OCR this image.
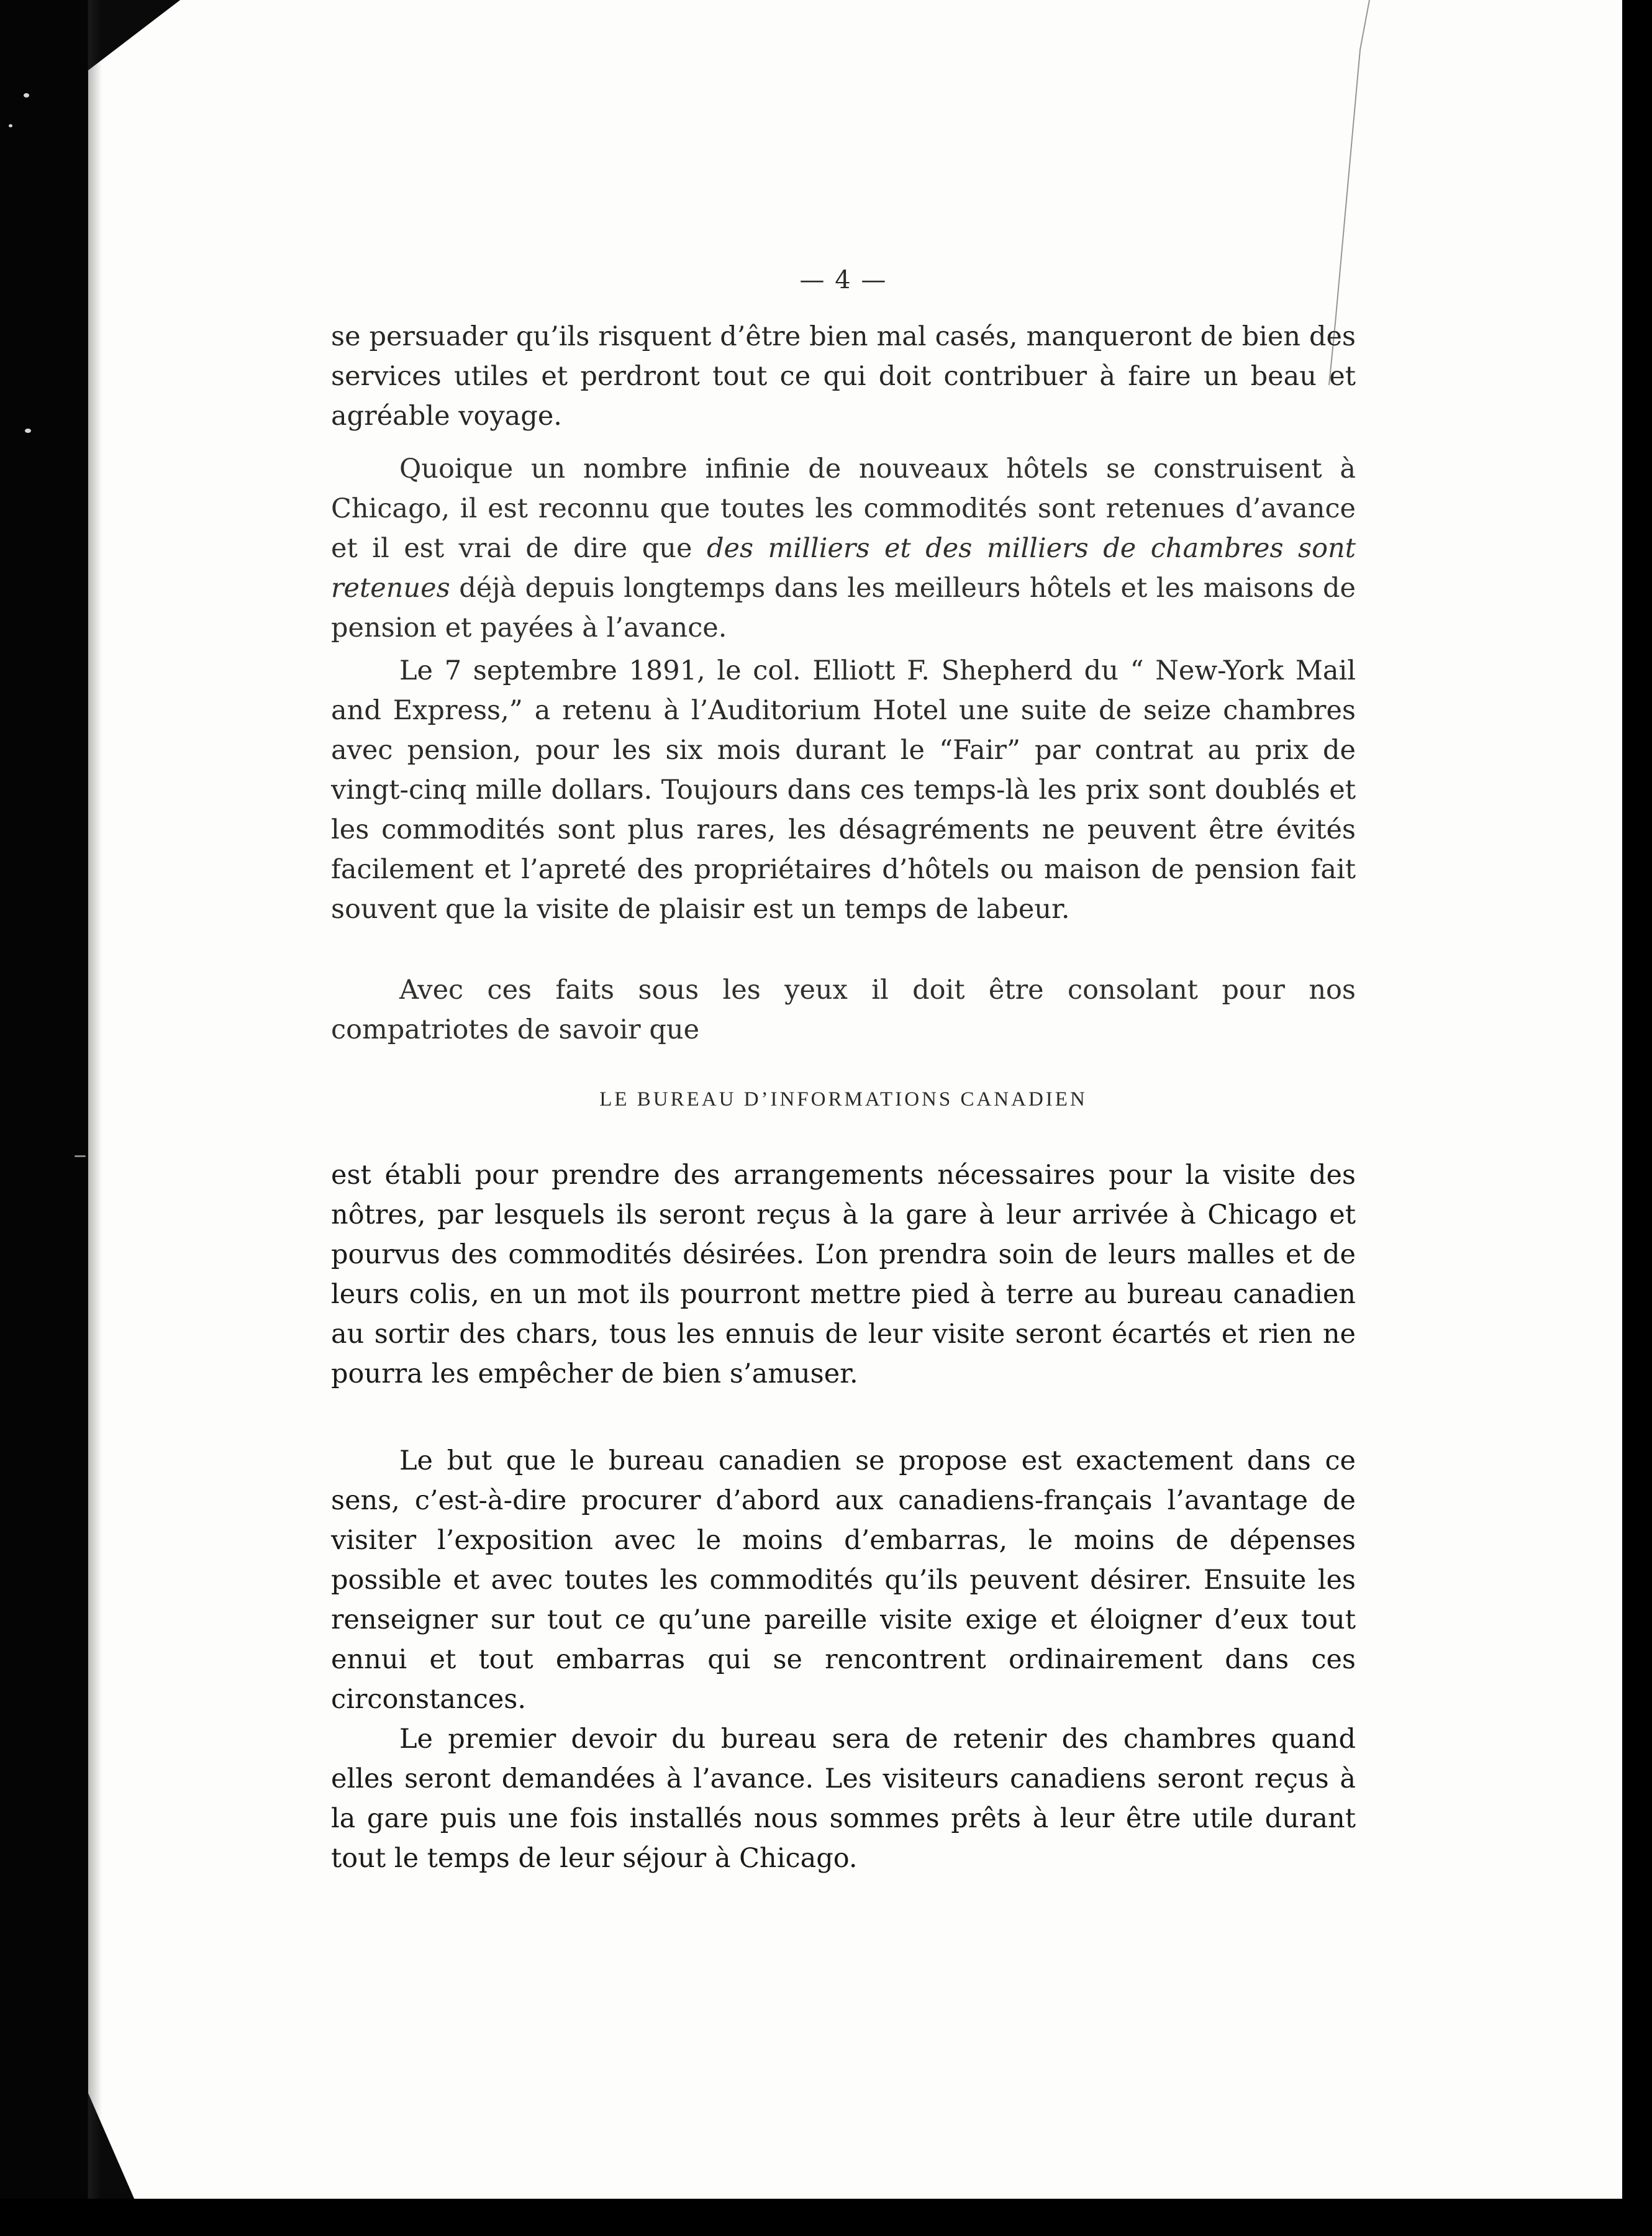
— 4 —

se persuader qu’ils risquent d’être bien mal casés, manqueront de bien des services utiles et perdront tout ce qui doit contribuer à faire un beau et agréable voyage.

Quoique un nombre infinie de nouveaux hôtels se construisent à Chicago, il est reconnu que toutes les commodités sont retenues d’avance et il est vrai de dire que des milliers et des milliers de chambres sont retenues déjà depuis longtemps dans les meilleurs hôtels et les maisons de pension et payées à l’avance.

Le 7 septembre 1891, le col. Elliott F. Shepherd du “ New-York Mail and Express,” a retenu à l’Auditorium Hotel une suite de seize chambres avec pension, pour les six mois durant le “Fair” par contrat au prix de vingt-cinq mille dollars. Toujours dans ces temps-là les prix sont doublés et les commodités sont plus rares, les désagréments ne peuvent être évités facilement et l’apreté des propriétaires d’hôtels ou maison de pension fait souvent que la visite de plaisir est un temps de labeur.

Avec ces faits sous les yeux il doit être consolant pour nos compatriotes de savoir que

LE BUREAU D’INFORMATIONS CANADIEN

est établi pour prendre des arrangements nécessaires pour la visite des nôtres, par lesquels ils seront reçus à la gare à leur arrivée à Chicago et pourvus des commodités désirées. L’on prendra soin de leurs malles et de leurs colis, en un mot ils pourront mettre pied à terre au bureau canadien au sortir des chars, tous les ennuis de leur visite seront écartés et rien ne pourra les empêcher de bien s’amuser.

Le but que le bureau canadien se propose est exactement dans ce sens, c’est-à-dire procurer d’abord aux canadiens-français l’avantage de visiter l’exposition avec le moins d’embarras, le moins de dépenses possible et avec toutes les commodités qu’ils peuvent désirer. Ensuite les renseigner sur tout ce qu’une pareille visite exige et éloigner d’eux tout ennui et tout embarras qui se rencontrent ordinairement dans ces circonstances.

Le premier devoir du bureau sera de retenir des chambres quand elles seront demandées à l’avance. Les visiteurs canadiens seront reçus à la gare puis une fois installés nous sommes prêts à leur être utile durant tout le temps de leur séjour à Chicago.
